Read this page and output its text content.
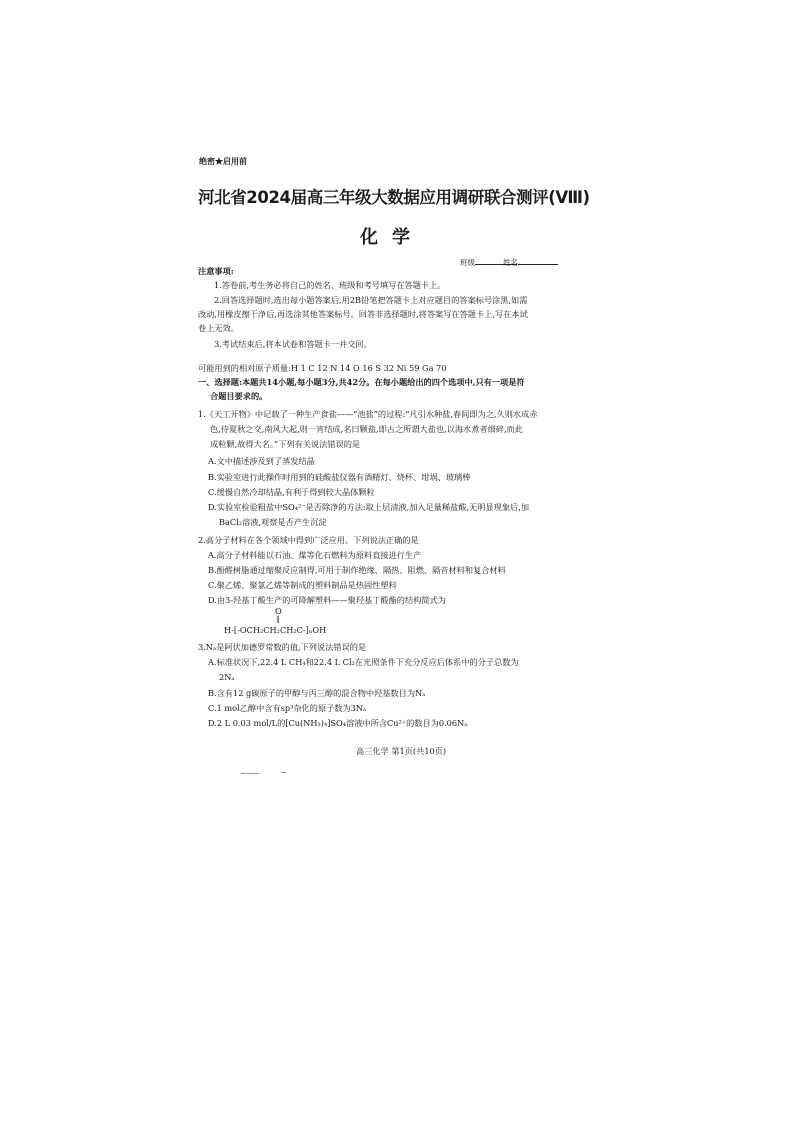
绝密★启用前
河北省2024届高三年级大数据应用调研联合测评(Ⅷ)
化学
班级	姓名
注意事项:
1.答卷前,考生务必将自己的姓名、班级和考号填写在答题卡上。
2.回答选择题时,选出每小题答案后,用2B铅笔把答题卡上对应题目的答案标号涂黑,如需
改动,用橡皮擦干净后,再选涂其他答案标号。回答非选择题时,将答案写在答题卡上,写在本试
卷上无效。
3.考试结束后,将本试卷和答题卡一并交回。
可能用到的相对原子质量:H 1 C 12 N 14 O 16 S 32 Ni 59 Ga 70
一、选择题:本题共14小题,每小题3分,共42分。在每小题给出的四个选项中,只有一项是符
合题目要求的。
1.《天工开物》中记载了一种生产食盐——“池盐”的过程:“凡引水种盐,春间即为之,久则水成赤
色,待夏秋之交,南风大起,则一宵结成,名曰颗盐,即古之所谓大盐也,以海水煮者细碎,而此
成粒颗,故得大名。”下列有关说法错误的是
A.文中描述涉及到了蒸发结晶
B.实验室进行此操作时用到的硅酸盐仪器有酒精灯、烧杯、坩埚、玻璃棒
C.缓慢自然冷却结晶,有利于得到较大晶体颗粒
D.实验室检验粗盐中SO₄²⁻是否除净的方法:取上层清液,加入足量稀盐酸,无明显现象后,加
BaCl₂溶液,观察是否产生沉淀
2.高分子材料在各个领域中得到广泛应用。下列说法正确的是
A.高分子材料能以石油、煤等化石燃料为原料直接进行生产
B.酚醛树脂通过缩聚反应制得,可用于制作绝缘、隔热、阻燃、隔音材料和复合材料
C.聚乙烯、聚氯乙烯等制成的塑料制品是热固性塑料
D.由3-羟基丁酸生产的可降解塑料——聚羟基丁酸酯的结构简式为
O
‖
H-[-OCH₂CH₂CH₂C-]ₙOH
3.Nₐ是阿伏加德罗常数的值,下列说法错误的是
A.标准状况下,22.4 L CH₄和22.4 L Cl₂在光照条件下充分反应后体系中的分子总数为
2Nₐ
B.含有12 g碳原子的甲醇与丙三醇的混合物中羟基数目为Nₐ
C.1 mol乙醇中含有sp³杂化的原子数为3Nₐ
D.2 L 0.03 mol/L的[Cu(NH₃)₄]SO₄溶液中所含Cu²⁺的数目为0.06Nₐ
高三化学 第1页(共10页)
